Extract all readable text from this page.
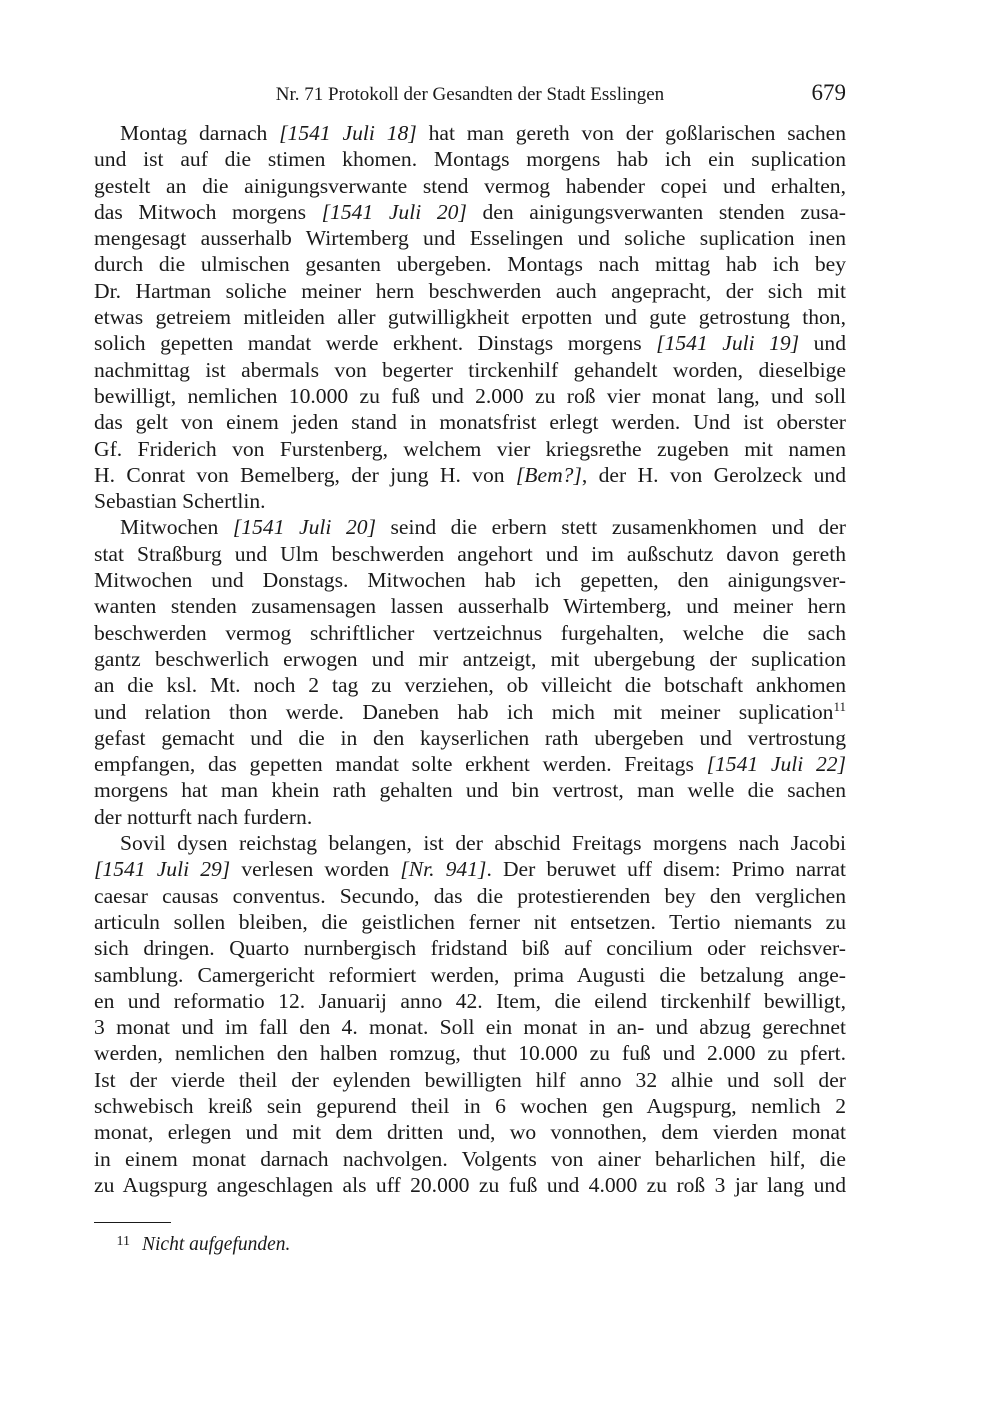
Nr. 71 Protokoll der Gesandten der Stadt Esslingen	679
Montag darnach [1541 Juli 18] hat man gereth von der goßlarischen sachen
und ist auf die stimen khomen. Montags morgens hab ich ein suplication
gestelt an die ainigungsverwante stend vermog habender copei und erhalten,
das Mitwoch morgens [1541 Juli 20] den ainigungsverwanten stenden zusa-
mengesagt ausserhalb Wirtemberg und Esselingen und soliche suplication inen
durch die ulmischen gesanten ubergeben. Montags nach mittag hab ich bey
Dr. Hartman soliche meiner hern beschwerden auch angepracht, der sich mit
etwas getreiem mitleiden aller gutwilligkheit erpotten und gute getrostung thon,
solich gepetten mandat werde erkhent. Dinstags morgens [1541 Juli 19] und
nachmittag ist abermals von begerter tirckenhilf gehandelt worden, dieselbige
bewilligt, nemlichen 10.000 zu fuß und 2.000 zu roß vier monat lang, und soll
das gelt von einem jeden stand in monatsfrist erlegt werden. Und ist oberster
Gf. Friderich von Furstenberg, welchem vier kriegsrethe zugeben mit namen
H. Conrat von Bemelberg, der jung H. von [Bem?], der H. von Gerolzeck und
Sebastian Schertlin.
Mitwochen [1541 Juli 20] seind die erbern stett zusamenkhomen und der
stat Straßburg und Ulm beschwerden angehort und im außschutz davon gereth
Mitwochen und Donstags. Mitwochen hab ich gepetten, den ainigungsver-
wanten stenden zusamensagen lassen ausserhalb Wirtemberg, und meiner hern
beschwerden vermog schriftlicher vertzeichnus furgehalten, welche die sach
gantz beschwerlich erwogen und mir antzeigt, mit ubergebung der suplication
an die ksl. Mt. noch 2 tag zu verziehen, ob villeicht die botschaft ankhomen
und relation thon werde. Daneben hab ich mich mit meiner suplication$^{11}$
gefast gemacht und die in den kayserlichen rath ubergeben und vertrostung
empfangen, das gepetten mandat solte erkhent werden. Freitags [1541 Juli 22]
morgens hat man khein rath gehalten und bin vertrost, man welle die sachen
der notturft nach furdern.
Sovil dysen reichstag belangen, ist der abschid Freitags morgens nach Jacobi
[1541 Juli 29] verlesen worden [Nr. 941]. Der beruwet uff disem: Primo narrat
caesar causas conventus. Secundo, das die protestierenden bey den verglichen
articuln sollen bleiben, die geistlichen ferner nit entsetzen. Tertio niemants zu
sich dringen. Quarto nurnbergisch fridstand biß auf concilium oder reichsver-
samblung. Camergericht reformiert werden, prima Augusti die betzalung ange-
en und reformatio 12. Januarij anno 42. Item, die eilend tirckenhilf bewilligt,
3 monat und im fall den 4. monat. Soll ein monat in an- und abzug gerechnet
werden, nemlichen den halben romzug, thut 10.000 zu fuß und 2.000 zu pfert.
Ist der vierde theil der eylenden bewilligten hilf anno 32 alhie und soll der
schwebisch kreiß sein gepurend theil in 6 wochen gen Augspurg, nemlich 2
monat, erlegen und mit dem dritten und, wo vonnothen, dem vierden monat
in einem monat darnach nachvolgen. Volgents von ainer beharlichen hilf, die
zu Augspurg angeschlagen als uff 20.000 zu fuß und 4.000 zu roß 3 jar lang und
11 Nicht aufgefunden.
